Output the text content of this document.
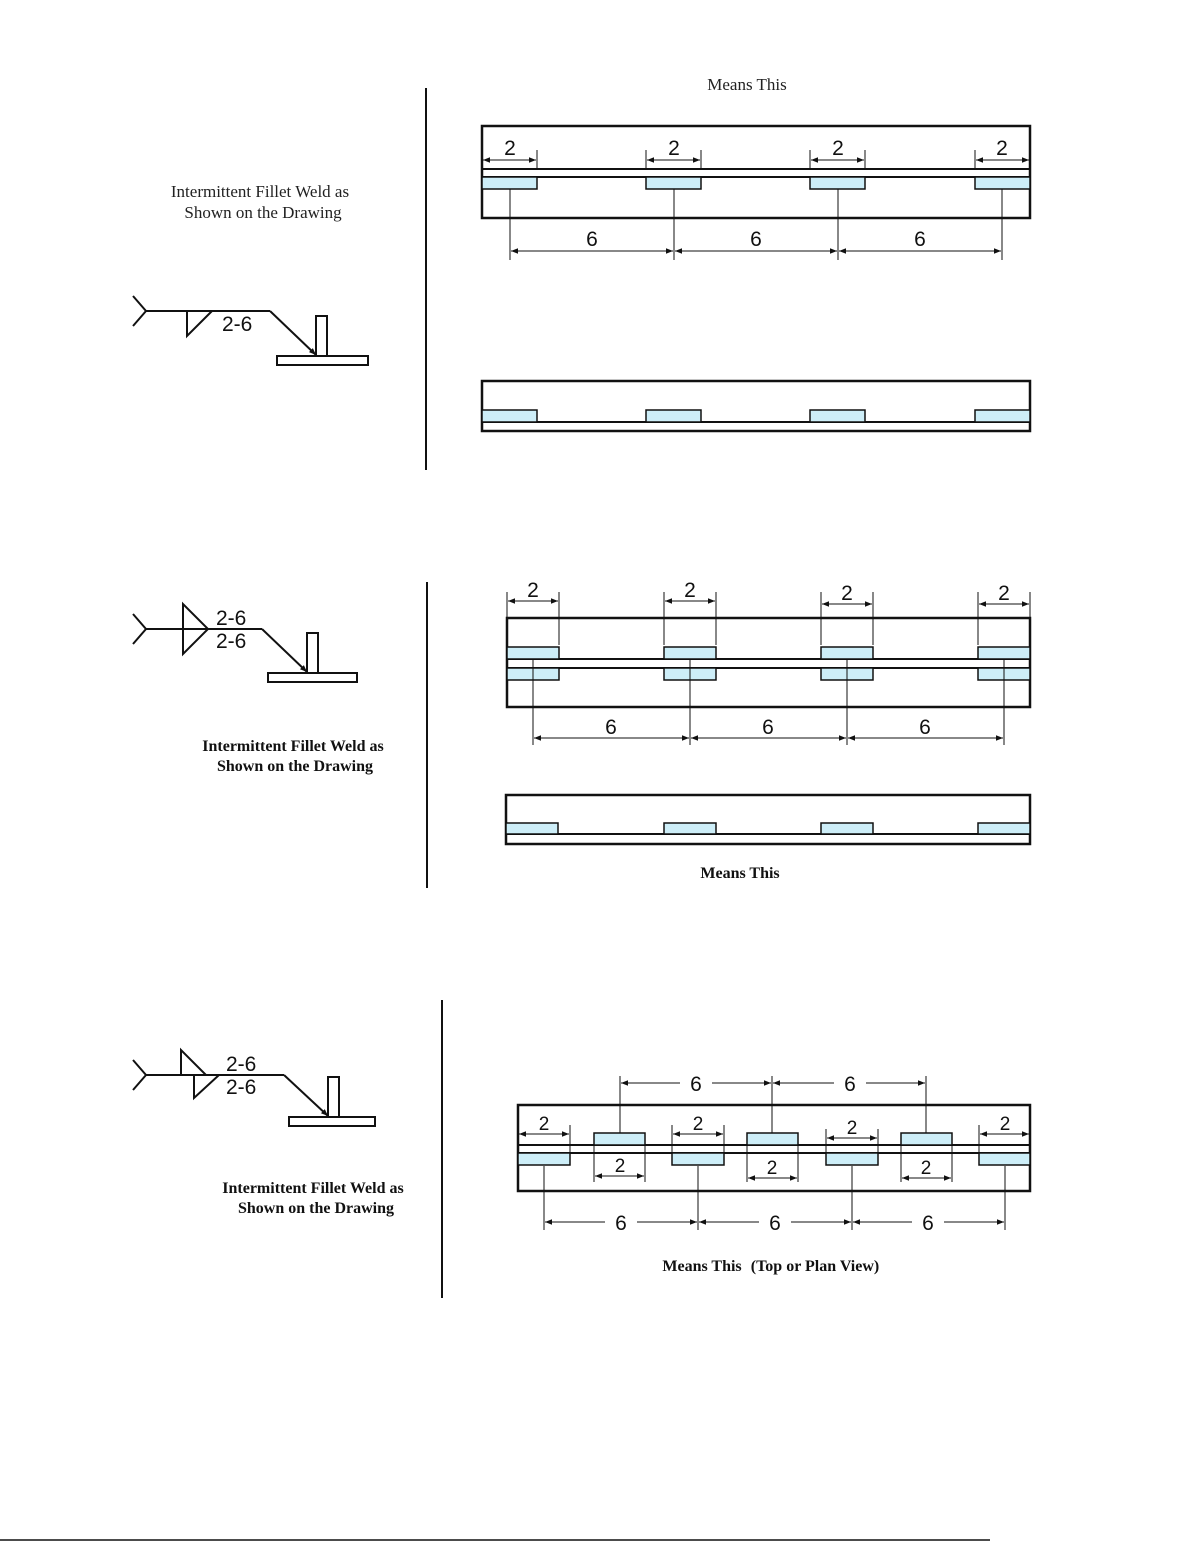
Intermittent Fillet Weld as
Shown on the Drawing
2-6
Means This
2	2	2	2
6	6	6
2-6
2-6
Intermittent Fillet Weld as
Shown on the Drawing
2	2	2	2
6	6	6
Means This
2-6
2-6
Intermittent Fillet Weld as
Shown on the Drawing
2	2	2	2
2	2	2
6	6
6	6	6
Means This (Top or Plan View)
